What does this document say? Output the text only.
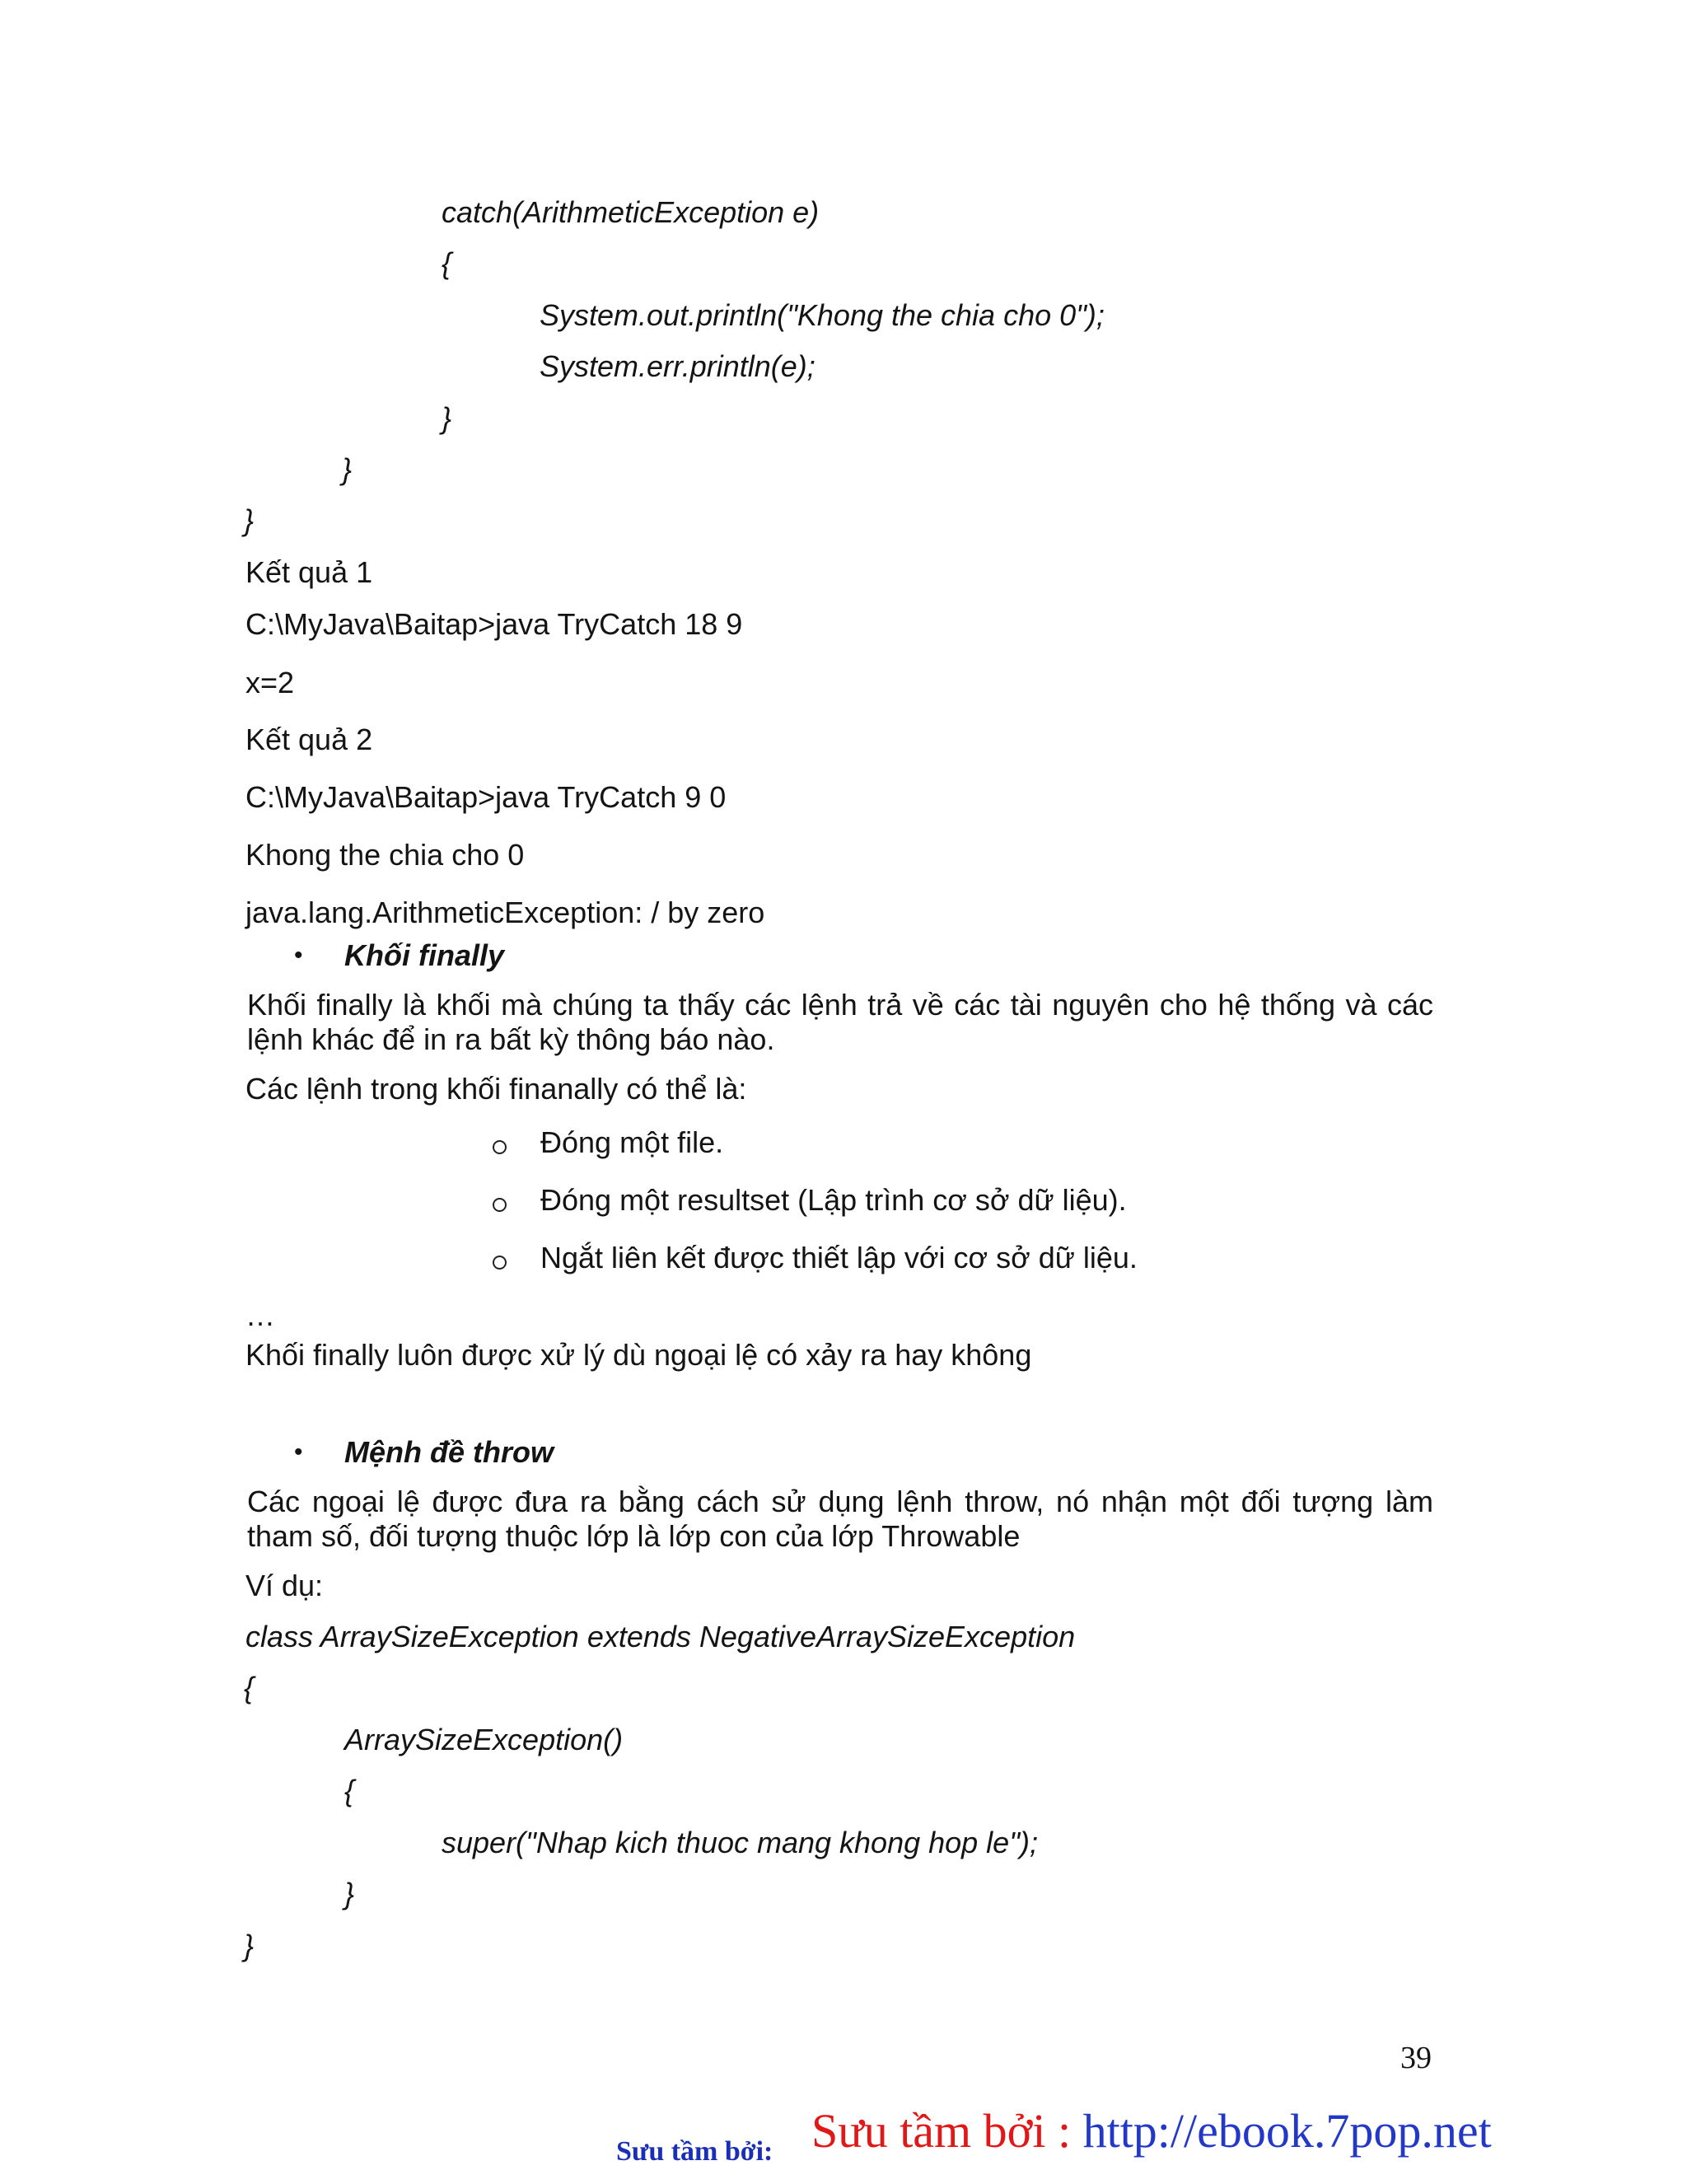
catch(ArithmeticException e)
{
System.out.println("Khong the chia cho 0");
System.err.println(e);
}
}
}
Kết quả 1
C:\MyJava\Baitap>java TryCatch 18 9
x=2
Kết quả 2
C:\MyJava\Baitap>java TryCatch 9 0
Khong the chia cho 0
java.lang.ArithmeticException: / by zero
• Khối finally
Khối finally là khối mà chúng ta thấy các lệnh trả về các tài nguyên cho hệ thống và các lệnh khác để in ra bất kỳ thông báo nào.
Các lệnh trong khối finanally có thể là:
Đóng một file.
Đóng một resultset (Lập trình cơ sở dữ liệu).
Ngắt liên kết được thiết lập với cơ sở dữ liệu.
…
Khối finally luôn được xử lý dù ngoại lệ có xảy ra hay không
• Mệnh đề throw
Các ngoại lệ được đưa ra bằng cách sử dụng lệnh throw, nó nhận một đối tượng làm tham số, đối tượng thuộc lớp là lớp con của lớp Throwable
Ví dụ:
class ArraySizeException extends NegativeArraySizeException
{
ArraySizeException()
{
super("Nhap kich thuoc mang khong hop le");
}
}
39
Sưu tầm bởi: Sưu tầm bởi : http://ebook.7pop.net
